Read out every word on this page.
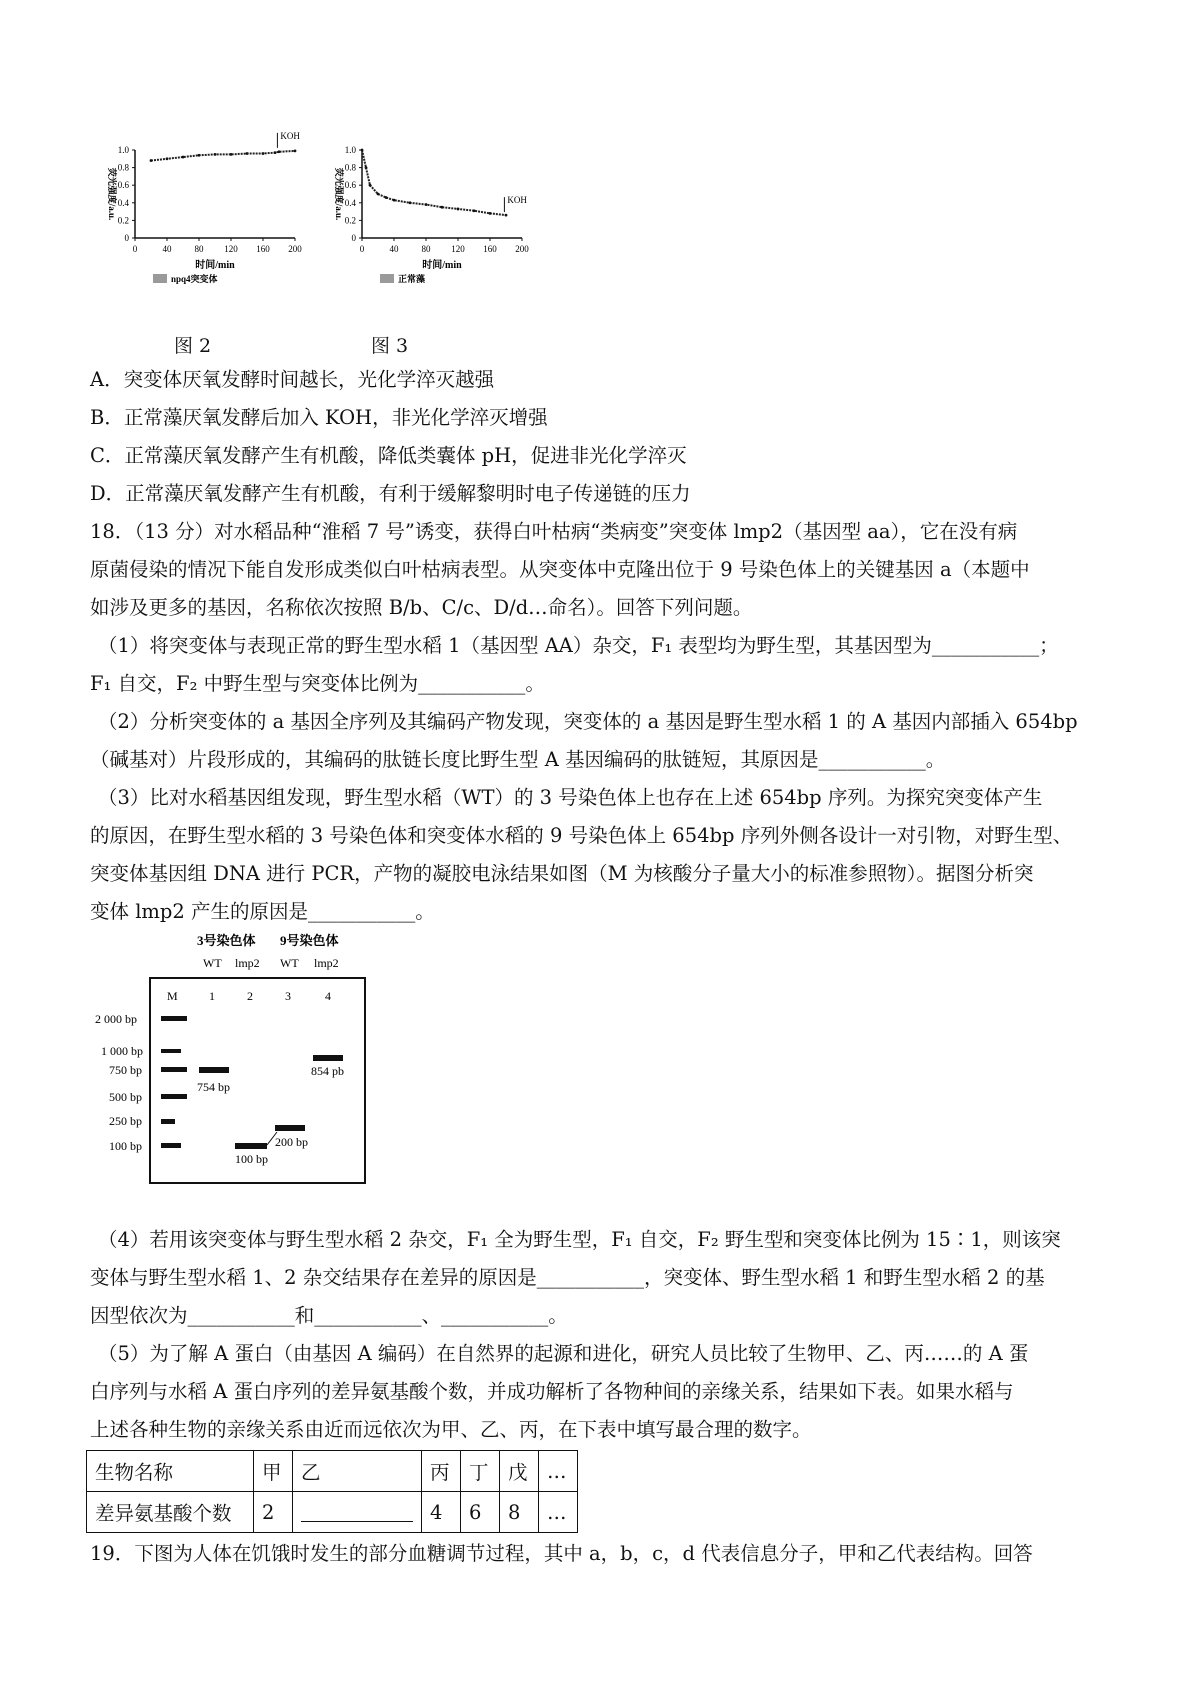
0
0.2
0.4
0.6
0.8
1.0
0	40	80 120 160 200
荧光强度/a.u.
时间/min
KOH
npq4突变体
图 2
0
0.2
0.4
0.6
0.8
1.0
0	40	80 120 160 200
荧光强度/a.u.
时间/min
KOH
正常藻
图 3
A．突变体厌氧发酵时间越长，光化学淬灭越强
B．正常藻厌氧发酵后加入 KOH，非光化学淬灭增强
C．正常藻厌氧发酵产生有机酸，降低类囊体 pH，促进非光化学淬灭
D．正常藻厌氧发酵产生有机酸，有利于缓解黎明时电子传递链的压力
18．（13 分）对水稻品种“淮稻 7 号”诱变，获得白叶枯病“类病变”突变体 lmp2（基因型 aa），它在没有病
原菌侵染的情况下能自发形成类似白叶枯病表型。从突变体中克隆出位于 9 号染色体上的关键基因 a（本题中
如涉及更多的基因，名称依次按照 B/b、C/c、D/d…命名）。回答下列问题。
（1）将突变体与表现正常的野生型水稻 1（基因型 AA）杂交，F₁ 表型均为野生型，其基因型为___________；
F₁ 自交，F₂ 中野生型与突变体比例为___________。
（2）分析突变体的 a 基因全序列及其编码产物发现，突变体的 a 基因是野生型水稻 1 的 A 基因内部插入 654bp
（碱基对）片段形成的，其编码的肽链长度比野生型 A 基因编码的肽链短，其原因是___________。
（3）比对水稻基因组发现，野生型水稻（WT）的 3 号染色体上也存在上述 654bp 序列。为探究突变体产生
的原因，在野生型水稻的 3 号染色体和突变体水稻的 9 号染色体上 654bp 序列外侧各设计一对引物，对野生型、
突变体基因组 DNA 进行 PCR，产物的凝胶电泳结果如图（M 为核酸分子量大小的标准参照物）。据图分析突
变体 lmp2 产生的原因是___________。
3号染色体 9号染色体
WT lmp2 WT lmp2
M	1	2	3	4
2 000 bp
1 000 bp
750 bp
500 bp
250 bp
100 bp
754 bp
100 bp
200 bp
854 pb
（4）若用该突变体与野生型水稻 2 杂交，F₁ 全为野生型，F₁ 自交，F₂ 野生型和突变体比例为 15∶1，则该突
变体与野生型水稻 1、2 杂交结果存在差异的原因是___________，突变体、野生型水稻 1 和野生型水稻 2 的基
因型依次为___________和___________、___________。
（5）为了解 A 蛋白（由基因 A 编码）在自然界的起源和进化，研究人员比较了生物甲、乙、丙……的 A 蛋
白序列与水稻 A 蛋白序列的差异氨基酸个数，并成功解析了各物种间的亲缘关系，结果如下表。如果水稻与
上述各种生物的亲缘关系由近而远依次为甲、乙、丙，在下表中填写最合理的数字。
生物名称	甲	乙	丙	丁	戊	…
差异氨基酸个数	2		4	6	8	…
19．下图为人体在饥饿时发生的部分血糖调节过程，其中 a，b，c，d 代表信息分子，甲和乙代表结构。回答
